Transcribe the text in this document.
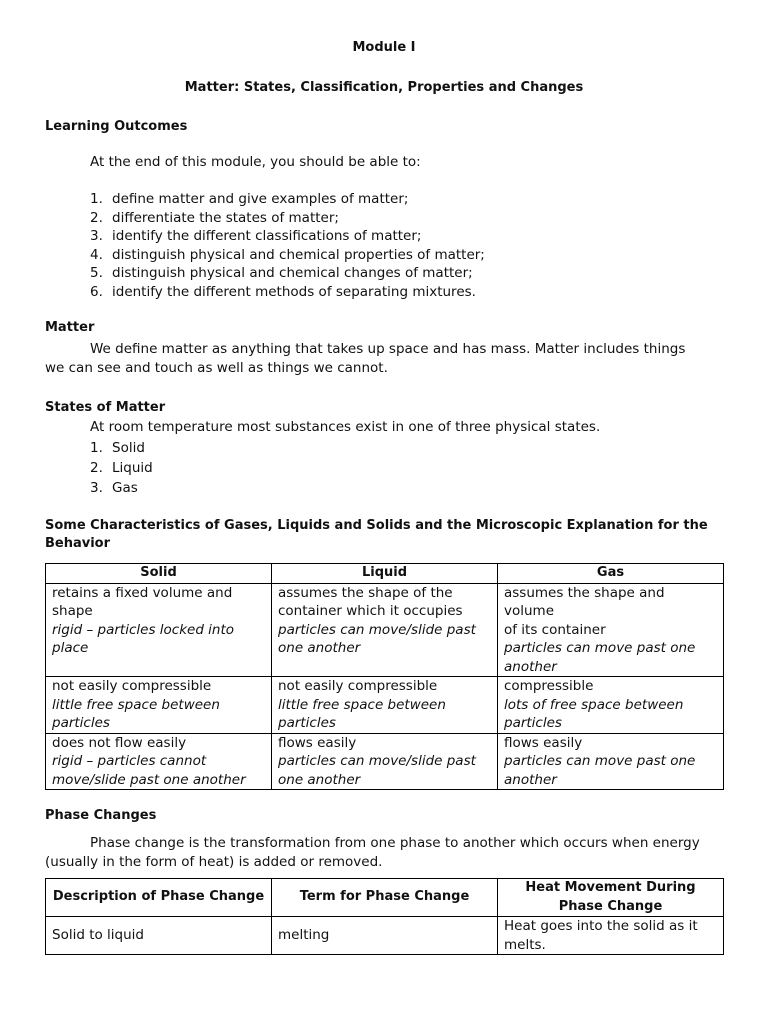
Module I
Matter: States, Classification, Properties and Changes
Learning Outcomes
At the end of this module, you should be able to:
1. define matter and give examples of matter;
2. differentiate the states of matter;
3. identify the different classifications of matter;
4. distinguish physical and chemical properties of matter;
5. distinguish physical and chemical changes of matter;
6. identify the different methods of separating mixtures.
Matter
We define matter as anything that takes up space and has mass. Matter includes things
we can see and touch as well as things we cannot.
States of Matter
At room temperature most substances exist in one of three physical states.
1. Solid
2. Liquid
3. Gas
Some Characteristics of Gases, Liquids and Solids and the Microscopic Explanation for the
Behavior
Solid	Liquid	Gas

retains a fixed volume and
shape
rigid – particles locked into
place	assumes the shape of the
container which it occupies
particles can move/slide past
one another	assumes the shape and volume
of its container
particles can move past one
another

not easily compressible
little free space between
particles	not easily compressible
little free space between
particles	compressible
lots of free space between
particles

does not flow easily
rigid – particles cannot
move/slide past one another	flows easily
particles can move/slide past
one another	flows easily
particles can move past one
another
Phase Changes
Phase change is the transformation from one phase to another which occurs when energy
(usually in the form of heat) is added or removed.
Description of Phase Change	Term for Phase Change	Heat Movement During Phase Change
Solid to liquid	melting	Heat goes into the solid as it melts.
